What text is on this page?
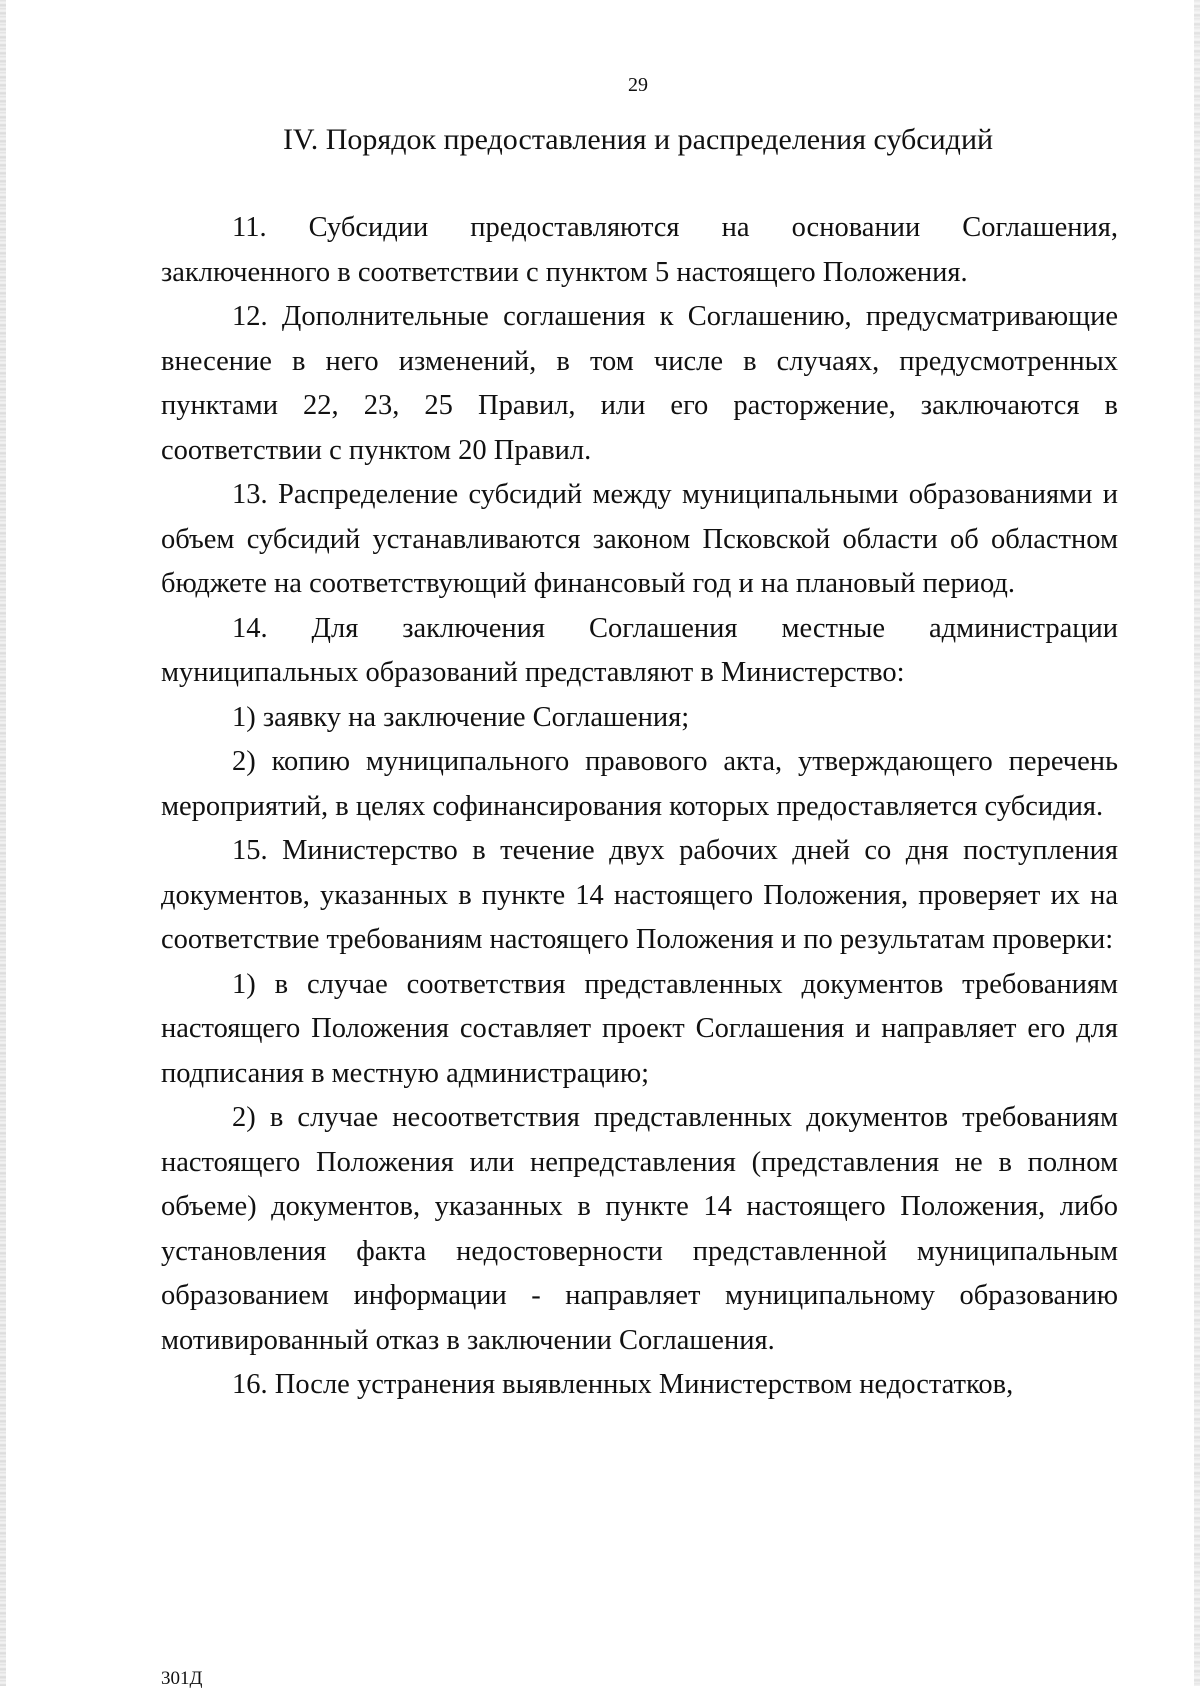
29
IV. Порядок предоставления и распределения субсидий

11. Субсидии предоставляются на основании Соглашения, заключенного в соответствии с пунктом 5 настоящего Положения.

12. Дополнительные соглашения к Соглашению, предусматривающие внесение в него изменений, в том числе в случаях, предусмотренных пунктами 22, 23, 25 Правил, или его расторжение, заключаются в соответствии с пунктом 20 Правил.

13. Распределение субсидий между муниципальными образованиями и объем субсидий устанавливаются законом Псковской области об областном бюджете на соответствующий финансовый год и на плановый период.

14. Для заключения Соглашения местные администрации муниципальных образований представляют в Министерство:

1) заявку на заключение Соглашения;

2) копию муниципального правового акта, утверждающего перечень мероприятий, в целях софинансирования которых предоставляется субсидия.

15. Министерство в течение двух рабочих дней со дня поступления документов, указанных в пункте 14 настоящего Положения, проверяет их на соответствие требованиям настоящего Положения и по результатам проверки:

1) в случае соответствия представленных документов требованиям настоящего Положения составляет проект Соглашения и направляет его для подписания в местную администрацию;

2) в случае несоответствия представленных документов требованиям настоящего Положения или непредставления (представления не в полном объеме) документов, указанных в пункте 14 настоящего Положения, либо установления факта недостоверности представленной муниципальным образованием информации - направляет муниципальному образованию мотивированный отказ в заключении Соглашения.

16. После устранения выявленных Министерством недостатков,

301Д
